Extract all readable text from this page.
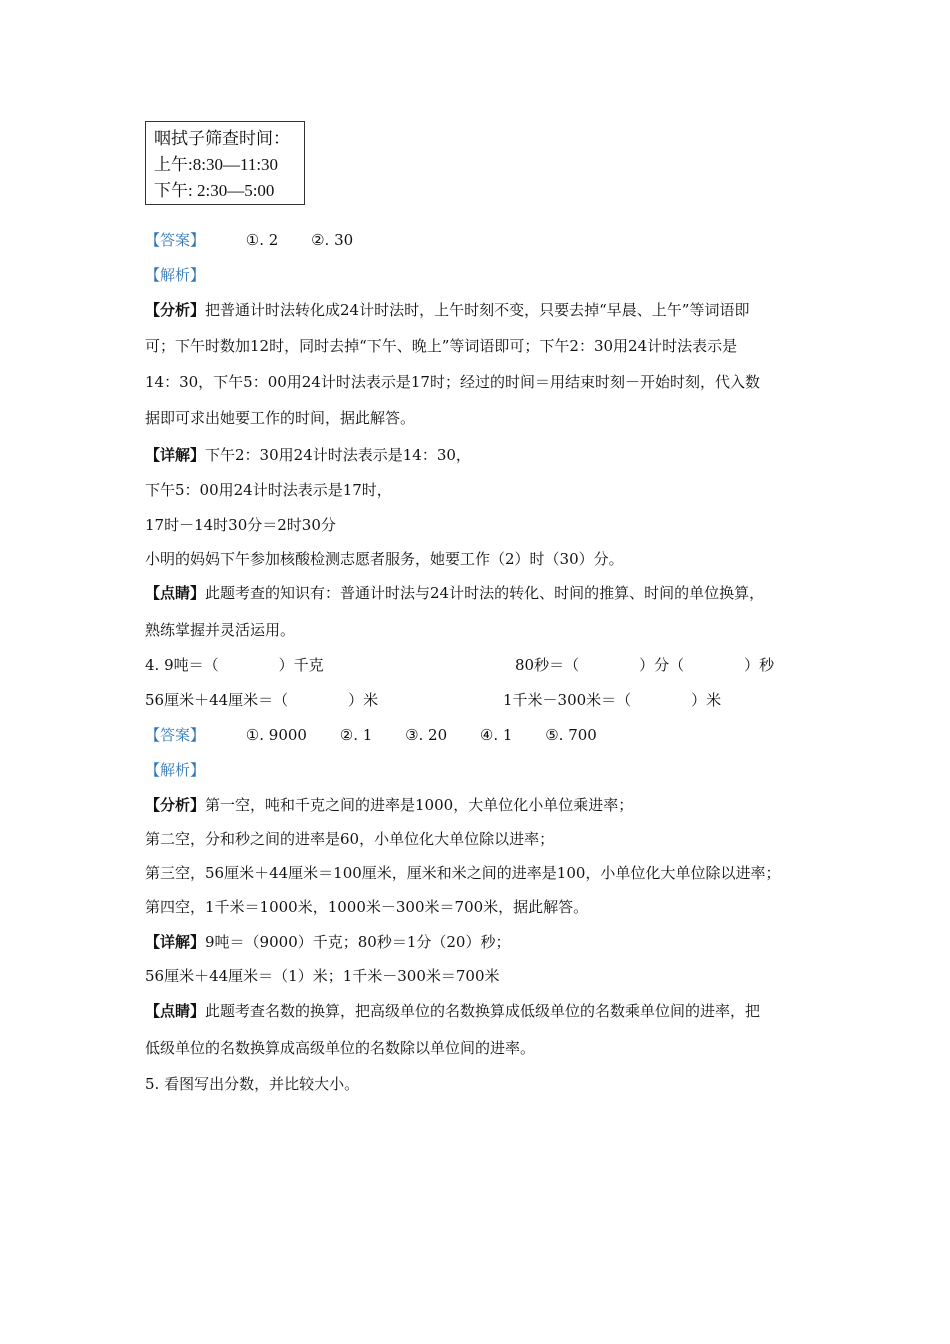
咽拭子筛查时间：
上午:8:30—11:30
下午: 2:30—5:00
【答案】	①. 2 ②. 30
【解析】
【分析】把普通计时法转化成24计时法时，上午时刻不变，只要去掉“早晨、上午”等词语即
可；下午时数加12时，同时去掉“下午、晚上”等词语即可；下午2：30用24计时法表示是
14：30，下午5：00用24计时法表示是17时；经过的时间＝用结束时刻－开始时刻，代入数
据即可求出她要工作的时间，据此解答。
【详解】下午2：30用24计时法表示是14：30，
下午5：00用24计时法表示是17时，
17时－14时30分＝2时30分
小明的妈妈下午参加核酸检测志愿者服务，她要工作（2）时（30）分。
【点睛】此题考查的知识有：普通计时法与24计时法的转化、时间的推算、时间的单位换算，
熟练掌握并灵活运用。
4. 9吨＝（　　　　）千克	80秒＝（　　　　）分（　　　　）秒
56厘米＋44厘米＝（　　　　）米	1千米－300米＝（　　　　）米
【答案】	①. 9000 ②. 1 ③. 20 ④. 1 ⑤. 700
【解析】
【分析】第一空，吨和千克之间的进率是1000，大单位化小单位乘进率；
第二空，分和秒之间的进率是60，小单位化大单位除以进率；
第三空，56厘米＋44厘米＝100厘米，厘米和米之间的进率是100，小单位化大单位除以进率；
第四空，1千米＝1000米，1000米－300米＝700米，据此解答。
【详解】9吨＝（9000）千克；80秒＝1分（20）秒；
56厘米＋44厘米＝（1）米；1千米－300米＝700米
【点睛】此题考查名数的换算，把高级单位的名数换算成低级单位的名数乘单位间的进率，把
低级单位的名数换算成高级单位的名数除以单位间的进率。
5. 看图写出分数，并比较大小。
